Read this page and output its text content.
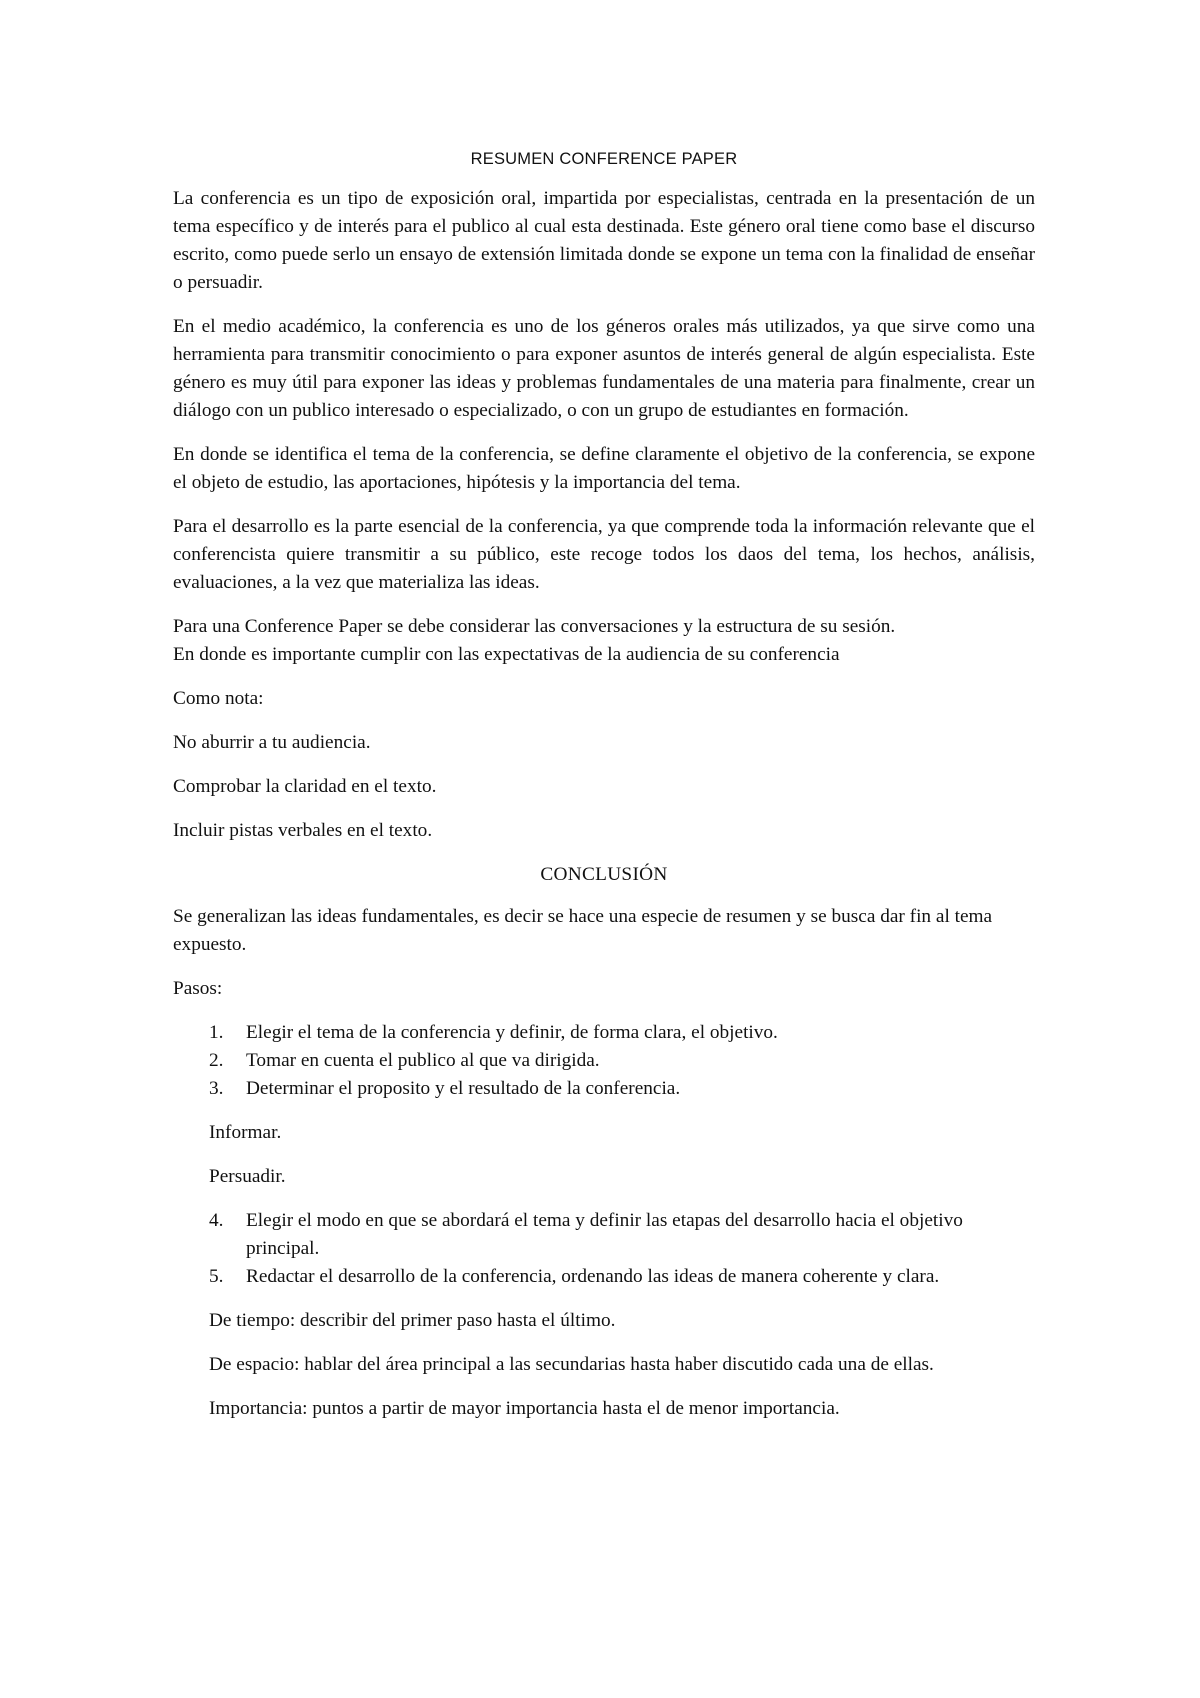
RESUMEN CONFERENCE PAPER

La conferencia es un tipo de exposición oral, impartida por especialistas, centrada en la presentación de un tema específico y de interés para el publico al cual esta destinada. Este género oral tiene como base el discurso escrito, como puede serlo un ensayo de extensión limitada donde se expone un tema con la finalidad de enseñar o persuadir.

En el medio académico, la conferencia es uno de los géneros orales más utilizados, ya que sirve como una herramienta para transmitir conocimiento o para exponer asuntos de interés general de algún especialista. Este género es muy útil para exponer las ideas y problemas fundamentales de una materia para finalmente, crear un diálogo con un publico interesado o especializado, o con un grupo de estudiantes en formación.

En donde se identifica el tema de la conferencia, se define claramente el objetivo de la conferencia, se expone el objeto de estudio, las aportaciones, hipótesis y la importancia del tema.

Para el desarrollo es la parte esencial de la conferencia, ya que comprende toda la información relevante que el conferencista quiere transmitir a su público, este recoge todos los daos del tema, los hechos, análisis, evaluaciones, a la vez que materializa las ideas.

Para una Conference Paper se debe considerar las conversaciones y la estructura de su sesión.
En donde es importante cumplir con las expectativas de la audiencia de su conferencia

Como nota:

No aburrir a tu audiencia.

Comprobar la claridad en el texto.

Incluir pistas verbales en el texto.

CONCLUSIÓN

Se generalizan las ideas fundamentales, es decir se hace una especie de resumen y se busca dar fin al tema expuesto.

Pasos:

1. Elegir el tema de la conferencia y definir, de forma clara, el objetivo.
2. Tomar en cuenta el publico al que va dirigida.
3. Determinar el proposito y el resultado de la conferencia.

Informar.

Persuadir.

4. Elegir el modo en que se abordará el tema y definir las etapas del desarrollo hacia el objetivo principal.
5. Redactar el desarrollo de la conferencia, ordenando las ideas de manera coherente y clara.

De tiempo: describir del primer paso hasta el último.

De espacio: hablar del área principal a las secundarias hasta haber discutido cada una de ellas.

Importancia: puntos a partir de mayor importancia hasta el de menor importancia.
